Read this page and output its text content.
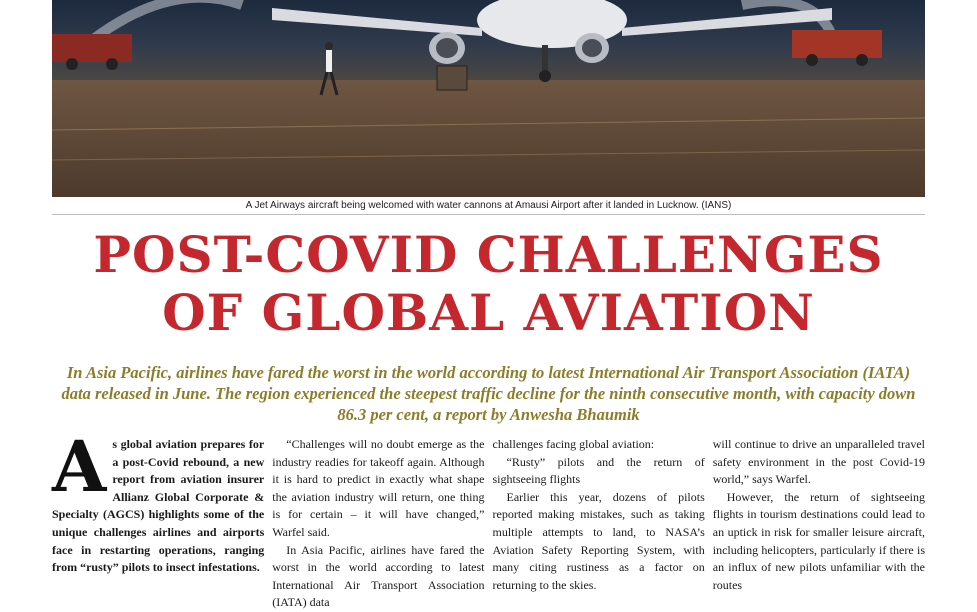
A Jet Airways aircraft being welcomed with water cannons at Amausi Airport after it landed in Lucknow. (IANS)
POST-COVID CHALLENGES
OF GLOBAL AVIATION
In Asia Pacific, airlines have fared the worst in the world according to latest International Air Transport Association (IATA) data released in June. The region experienced the steepest traffic decline for the ninth consecutive month, with capacity down 86.3 per cent, a report by Anwesha Bhaumik
A s global aviation prepares for a post-Covid rebound, a new report from aviation insurer Allianz Global Corporate & Specialty (AGCS) highlights some of the unique challenges airlines and airports face in restarting operations, ranging from “rusty” pilots to insect infestations.

“Challenges will no doubt emerge as the industry readies for takeoff again. Although it is hard to predict in exactly what shape the aviation industry will return, one thing is for certain – it will have changed,” Warfel said.

In Asia Pacific, airlines have fared the worst in the world according to latest International Air Transport Association (IATA) data

challenges facing global aviation:

“Rusty” pilots and the return of sightseeing flights

Earlier this year, dozens of pilots reported making mistakes, such as taking multiple attempts to land, to NASA’s Aviation Safety Reporting System, with many citing rustiness as a factor on returning to the skies.

will continue to drive an unparalleled travel safety environment in the post Covid-19 world,” says Warfel.

However, the return of sightseeing flights in tourism destinations could lead to an uptick in risk for smaller leisure aircraft, including helicopters, particularly if there is an influx of new pilots unfamiliar with the routes
